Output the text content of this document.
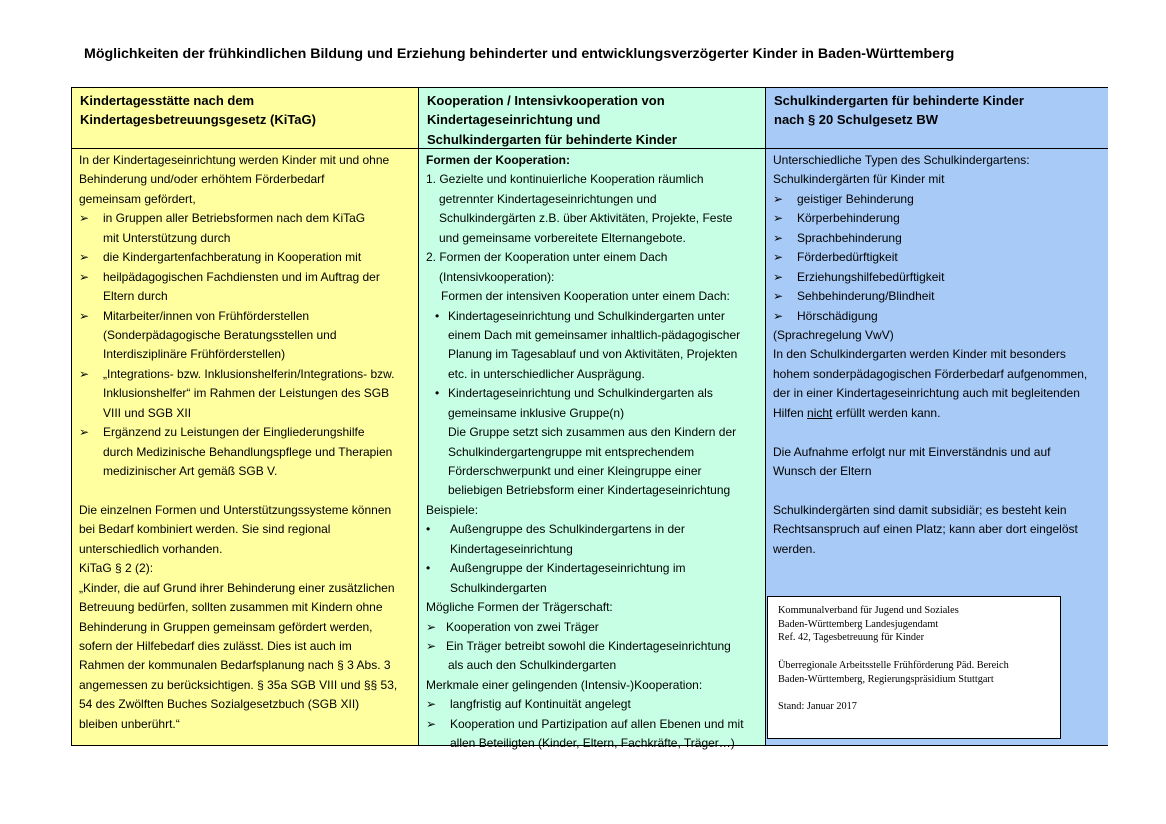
Möglichkeiten der frühkindlichen Bildung und Erziehung behinderter und entwicklungsverzögerter Kinder in Baden-Württemberg
Kindertagesstätte nach dem
Kindertagesbetreuungsgesetz (KiTaG)
In der Kindertageseinrichtung werden Kinder mit und ohne
Behinderung und/oder erhöhtem Förderbedarf
gemeinsam gefördert,
➢ in Gruppen aller Betriebsformen nach dem KiTaG
mit Unterstützung durch
➢ die Kindergartenfachberatung in Kooperation mit
➢ heilpädagogischen Fachdiensten und im Auftrag der
Eltern durch
➢ Mitarbeiter/innen von Frühförderstellen
(Sonderpädagogische Beratungsstellen und
Interdisziplinäre Frühförderstellen)
➢ „Integrations- bzw. Inklusionshelferin/Integrations- bzw.
Inklusionshelfer“ im Rahmen der Leistungen des SGB
VIII und SGB XII
➢ Ergänzend zu Leistungen der Eingliederungshilfe
durch Medizinische Behandlungspflege und Therapien
medizinischer Art gemäß SGB V.
Die einzelnen Formen und Unterstützungssysteme können
bei Bedarf kombiniert werden. Sie sind regional
unterschiedlich vorhanden.
KiTaG § 2 (2):
„Kinder, die auf Grund ihrer Behinderung einer zusätzlichen
Betreuung bedürfen, sollten zusammen mit Kindern ohne
Behinderung in Gruppen gemeinsam gefördert werden,
sofern der Hilfebedarf dies zulässt. Dies ist auch im
Rahmen der kommunalen Bedarfsplanung nach § 3 Abs. 3
angemessen zu berücksichtigen. § 35a SGB VIII und §§ 53,
54 des Zwölften Buches Sozialgesetzbuch (SGB XII)
bleiben unberührt.“
Kooperation / Intensivkooperation von
Kindertageseinrichtung und
Schulkindergarten für behinderte Kinder
Formen der Kooperation:
1. Gezielte und kontinuierliche Kooperation räumlich
getrennter Kindertageseinrichtungen und
Schulkindergärten z.B. über Aktivitäten, Projekte, Feste
und gemeinsame vorbereitete Elternangebote.
2. Formen der Kooperation unter einem Dach
(Intensivkooperation):
Formen der intensiven Kooperation unter einem Dach:
• Kindertageseinrichtung und Schulkindergarten unter
einem Dach mit gemeinsamer inhaltlich-pädagogischer
Planung im Tagesablauf und von Aktivitäten, Projekten
etc. in unterschiedlicher Ausprägung.
• Kindertageseinrichtung und Schulkindergarten als
gemeinsame inklusive Gruppe(n)
Die Gruppe setzt sich zusammen aus den Kindern der
Schulkindergartengruppe mit entsprechendem
Förderschwerpunkt und einer Kleingruppe einer
beliebigen Betriebsform einer Kindertageseinrichtung
Beispiele:
• Außengruppe des Schulkindergartens in der
Kindertageseinrichtung
• Außengruppe der Kindertageseinrichtung im
Schulkindergarten
Mögliche Formen der Trägerschaft:
➢ Kooperation von zwei Träger
➢ Ein Träger betreibt sowohl die Kindertageseinrichtung
als auch den Schulkindergarten
Merkmale einer gelingenden (Intensiv-)Kooperation:
➢ langfristig auf Kontinuität angelegt
➢ Kooperation und Partizipation auf allen Ebenen und mit
allen Beteiligten (Kinder, Eltern, Fachkräfte, Träger…)
Schulkindergarten für behinderte Kinder
nach § 20 Schulgesetz BW
Unterschiedliche Typen des Schulkindergartens:
Schulkindergärten für Kinder mit
➢ geistiger Behinderung
➢ Körperbehinderung
➢ Sprachbehinderung
➢ Förderbedürftigkeit
➢ Erziehungshilfebedürftigkeit
➢ Sehbehinderung/Blindheit
➢ Hörschädigung
(Sprachregelung VwV)
In den Schulkindergarten werden Kinder mit besonders
hohem sonderpädagogischen Förderbedarf aufgenommen,
der in einer Kindertageseinrichtung auch mit begleitenden
Hilfen nicht erfüllt werden kann.
Die Aufnahme erfolgt nur mit Einverständnis und auf
Wunsch der Eltern
Schulkindergärten sind damit subsidiär; es besteht kein
Rechtsanspruch auf einen Platz; kann aber dort eingelöst
werden.
Kommunalverband für Jugend und Soziales
Baden-Württemberg Landesjugendamt
Ref. 42, Tagesbetreuung für Kinder
Überregionale Arbeitsstelle Frühförderung Päd. Bereich
Baden-Württemberg, Regierungspräsidium Stuttgart
Stand: Januar 2017
